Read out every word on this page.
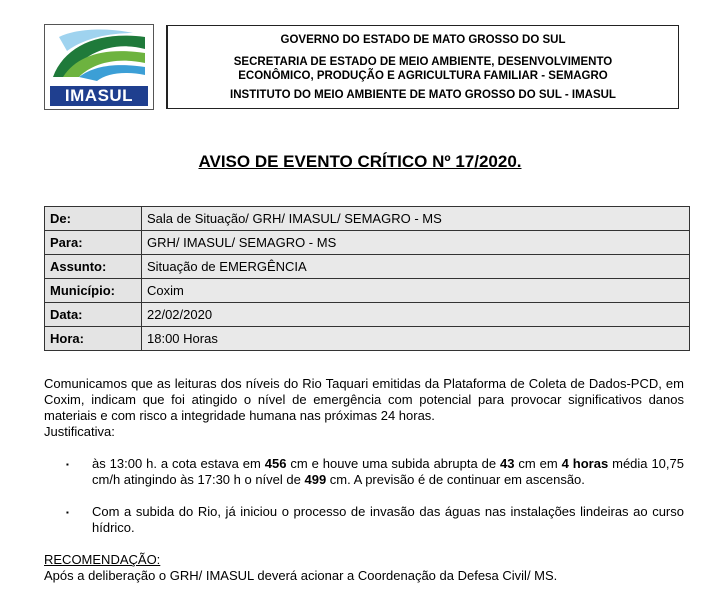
IMASUL
GOVERNO DO ESTADO DE MATO GROSSO DO SUL
SECRETARIA DE ESTADO DE MEIO AMBIENTE, DESENVOLVIMENTO
ECONÔMICO, PRODUÇÃO E AGRICULTURA FAMILIAR - SEMAGRO
INSTITUTO DO MEIO AMBIENTE DE MATO GROSSO DO SUL - IMASUL
AVISO DE EVENTO CRÍTICO Nº 17/2020.
De:	Sala de Situação/ GRH/ IMASUL/ SEMAGRO - MS
Para:	GRH/ IMASUL/ SEMAGRO - MS
Assunto:	Situação de EMERGÊNCIA
Município:	Coxim
Data:	22/02/2020
Hora:	18:00 Horas
Comunicamos que as leituras dos níveis do Rio Taquari emitidas da Plataforma de Coleta de Dados-PCD, em Coxim, indicam que foi atingido o nível de emergência com potencial para provocar significativos danos materiais e com risco a integridade humana nas próximas 24 horas.
Justificativa:
▪ às 13:00 h. a cota estava em 456 cm e houve uma subida abrupta de 43 cm em 4 horas média 10,75 cm/h atingindo às 17:30 h o nível de 499 cm. A previsão é de continuar em ascensão.
▪ Com a subida do Rio, já iniciou o processo de invasão das águas nas instalações lindeiras ao curso hídrico.
RECOMENDAÇÃO:
Após a deliberação o GRH/ IMASUL deverá acionar a Coordenação da Defesa Civil/ MS.
